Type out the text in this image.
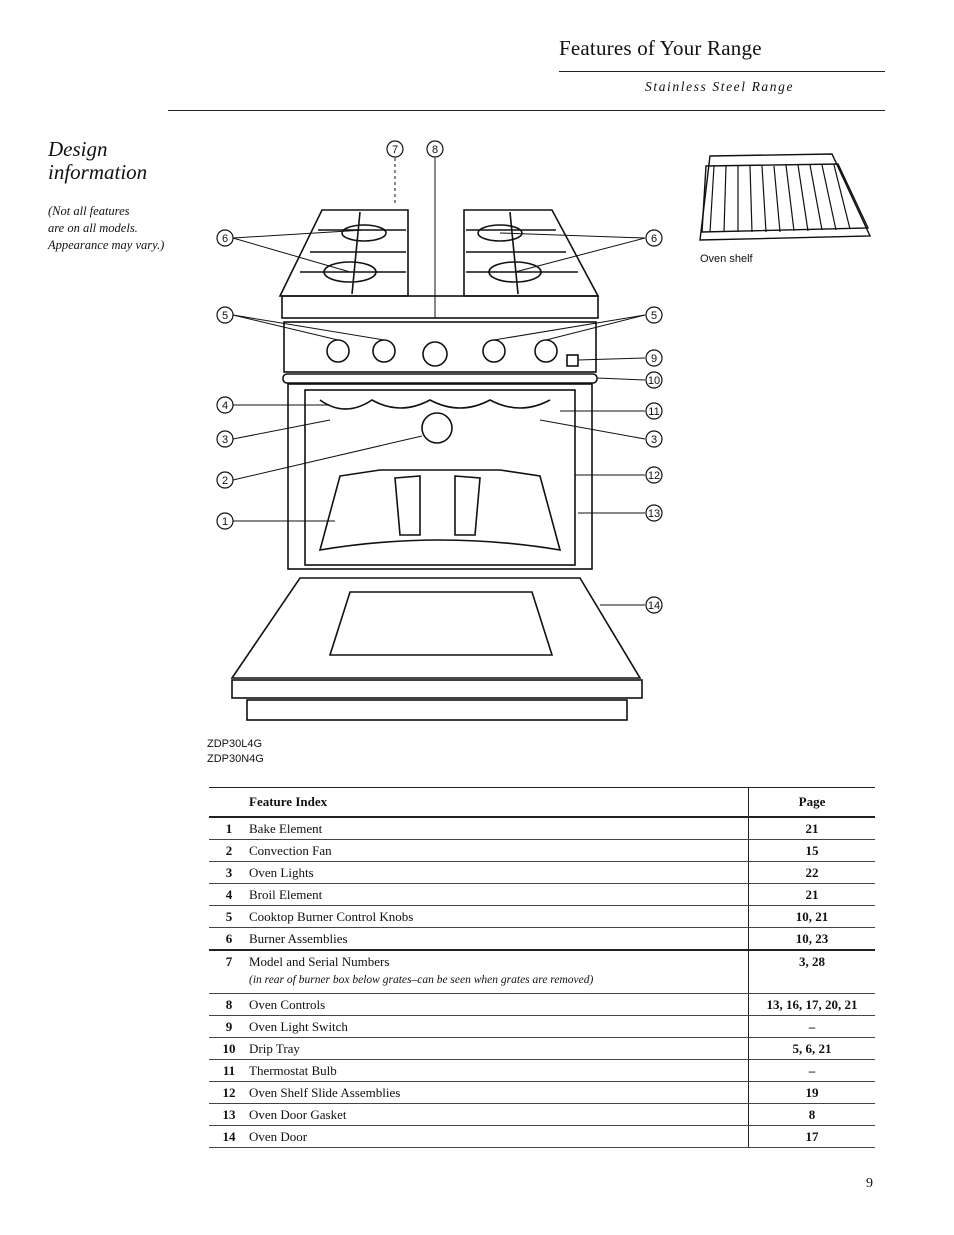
Features of Your Range
Stainless Steel Range
Design
information
(Not all features
are on all models.
Appearance may vary.)
1
2
3	3
4
5	5
6	6
7	8
9
10
11
12
13
14
Oven shelf
ZDP30L4G
ZDP30N4G
	Feature Index	Page
1	Bake Element	21
2	Convection Fan	15
3	Oven Lights	22
4	Broil Element	21
5	Cooktop Burner Control Knobs	10, 21
6	Burner Assemblies	10, 23
7	Model and Serial Numbers
(in rear of burner box below grates–can be seen when grates are removed)	3, 28
8	Oven Controls	13, 16, 17, 20, 21
9	Oven Light Switch	–
10	Drip Tray	5, 6, 21
11	Thermostat Bulb	–
12	Oven Shelf Slide Assemblies	19
13	Oven Door Gasket	8
14	Oven Door	17
9
